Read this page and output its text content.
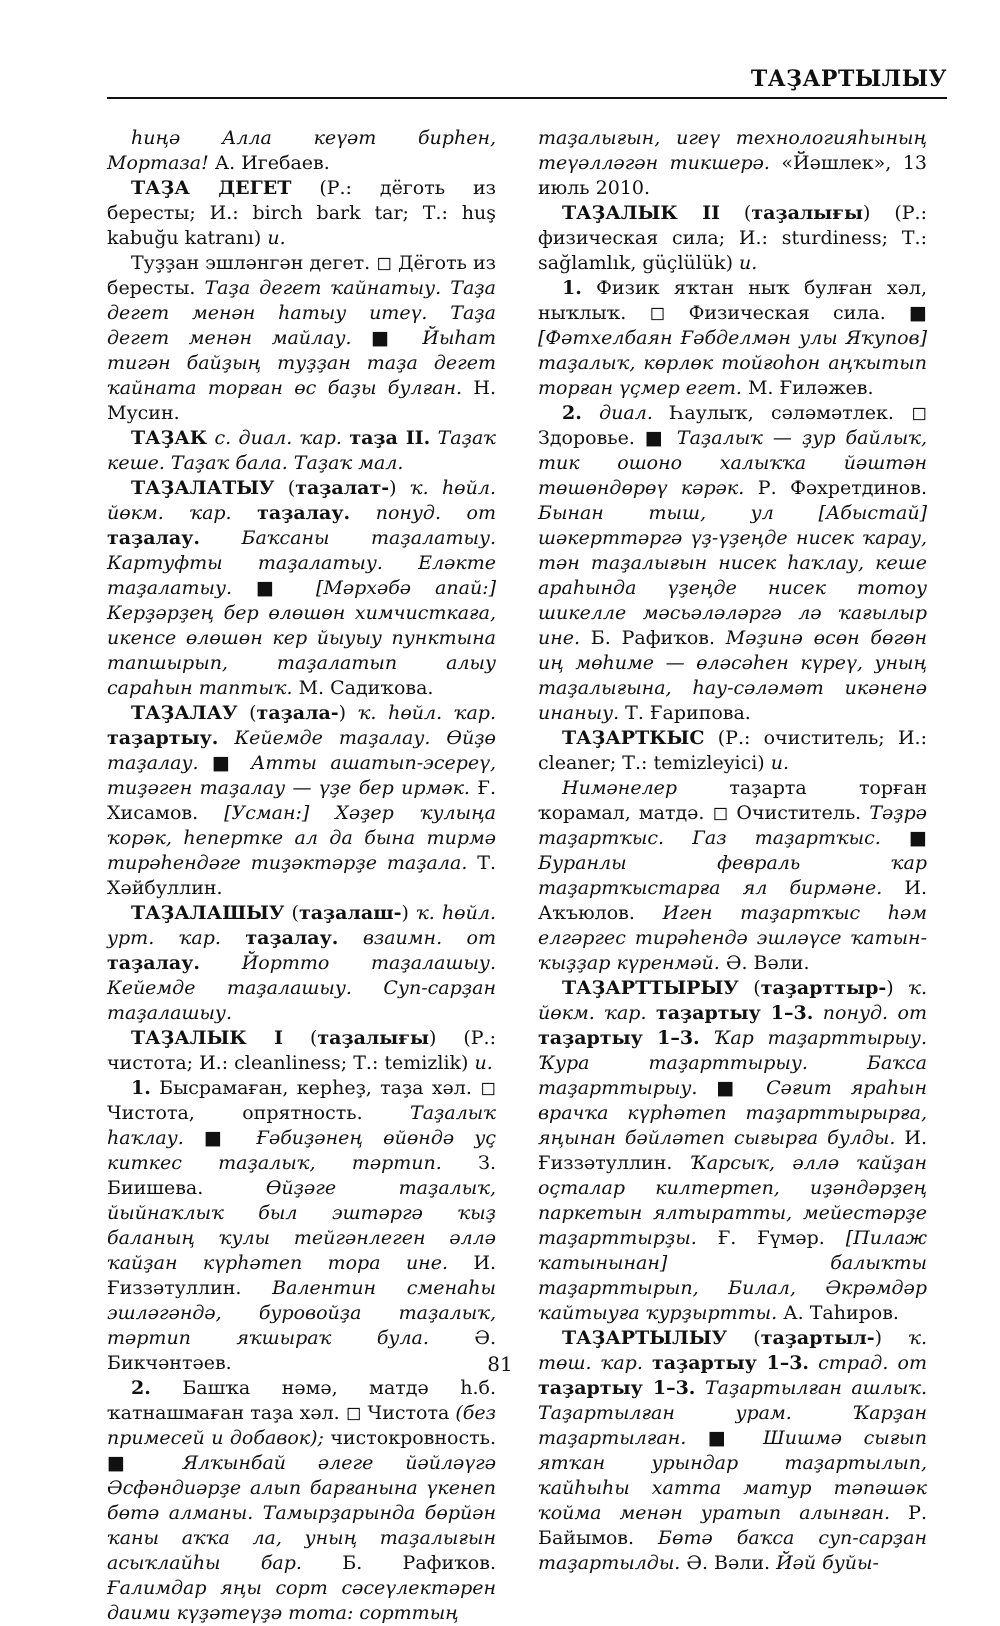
ТАҘАРТЫЛЫУ

һиңә Алла кеүәт бирһен, Мортаза! А. Игебаев.

ТАҘА ДЕГЕТ (Р.: дёготь из бересты; И.: birch bark tar; Т.: huş kabuğu katranı) и.

Туҙҙан эшләнгән дегет. ◻ Дёготь из бересты. Таҙа дегет ҡайнатыу. Таҙа дегет менән һатыу итеү. Таҙа дегет менән майлау. ■ Йыһат тигән байҙың туҙҙан таҙа дегет ҡайната торған өс баҙы булған. Н. Мусин.

ТАҘАК с. диал. ҡар. таҙа II. Таҙаҡ кеше. Таҙаҡ бала. Таҙаҡ мал.

ТАҘАЛАТЫУ (таҙалат-) ҡ. һөйл. йөкм. ҡар. таҙалау. понуд. от таҙалау. Баҡсаны таҙалатыу. Картуфты таҙалатыу. Еләкте таҙалатыу. ■ [Мәрхәбә апай:] Керҙәрҙең бер өлөшөн химчисткаға, икенсе өлөшөн кер йыуыу пунктына тапшырып, таҙалатып алыу сараһын таптыҡ. М. Садиҡова.

ТАҘАЛАУ (таҙала-) ҡ. һөйл. ҡар. таҙартыу. Кейемде таҙалау. Өйҙө таҙалау. ■ Атты ашатып-эсереү, тиҙәген таҙалау — үҙе бер ирмәк. Ғ. Хисамов. [Усман:] Хәҙер ҡулыңа ҡорәк, һепертке ал да бына тирмә тирәһендәге тиҙәктәрҙе таҙала. Т. Хәйбуллин.

ТАҘАЛАШЫУ (таҙалаш-) ҡ. һөйл. урт. ҡар. таҙалау. взаимн. от таҙалау. Йортто таҙалашыу. Кейемде таҙалашыу. Суп-сарҙан таҙалашыу.

ТАҘАЛЫК I (таҙалығы) (Р.: чистота; И.: cleanliness; Т.: temizlik) и.

1. Бысрамаған, керһеҙ, таҙа хәл. ◻ Чистота, опрятность. Таҙалыҡ һаҡлау. ■ Ғәбиҙәнең өйөндә уҫ киткес таҙалыҡ, тәртип. З. Биишева. Өйҙәге таҙалыҡ, йыйнаҡлыҡ был эштәргә ҡыҙ баланың ҡулы тейгәнлеген әллә ҡайҙан күрһәтеп тора ине. И. Ғиззәтуллин. Валентин сменаһы эшләгәндә, буровойҙа таҙалыҡ, тәртип яҡшыраҡ була. Ә. Бикчәнтәев.

2. Башҡа нәмә, матдә һ.б. ҡатнашмаған таҙа хәл. ◻ Чистота (без примесей и добавок); чистокровность. ■ Ялҡынбай әлеге йәйләүгә Әсфәндиәрҙе алып барғанына үкенеп бөтә алманы. Тамырҙарында бөрйән ҡаны аҡҡа ла, уның таҙалығын асыҡлайһы бар. Б. Рафиҡов. Ғалимдар яңы сорт сәсеүлектәрен даими күҙәтеүҙә тота: сорттың

таҙалығын, игеү технологияһының теүәлләгән тикшерә. «Йәшлек», 13 июль 2010.

ТАҘАЛЫК II (таҙалығы) (Р.: физическая сила; И.: sturdiness; Т.: sağlamlık, güçlülük) и.

1. Физик яҡтан ныҡ булған хәл, ныҡлыҡ. ◻ Физическая сила. ■ [Фәтхелбаян Ғәбделмән улы Яҡупов] таҙалыҡ, көрлөк тойғоһон аңҡытып торған үҫмер егет. М. Ғиләжев.

2. диал. Һаулыҡ, сәләмәтлек. ◻ Здоровье. ■ Таҙалыҡ — ҙур байлыҡ, тик ошоно халыҡҡа йәштән төшөндөрөү кәрәк. Р. Фәхретдинов. Бынан тыш, ул [Абыстай] шәкерттәргә үҙ-үҙеңде нисек ҡарау, тән таҙалығын нисек һаҡлау, кеше араһында үҙеңде нисек тотоу шикелле мәсьәләләргә лә ҡағылыр ине. Б. Рафиҡов. Мәҙинә өсөн бөгөн иң мөһиме — өләсәһен күреү, уның таҙалығына, һау-сәләмәт икәненә инаныу. Т. Ғарипова.

ТАҘАРТКЫС (Р.: очиститель; И.: cleaner; Т.: temizleyici) и.

Нимәнелер таҙарта торған ҡорамал, матдә. ◻ Очиститель. Тәҙрә таҙартҡыс. Газ таҙартҡыс. ■ Буранлы февраль ҡар таҙартҡыстарға ял бирмәне. И. Аҡъюлов. Иген таҙартҡыс һәм елгәргес тирәһендә эшләүсе ҡатын-ҡыҙҙар күренмәй. Ә. Вәли.

ТАҘАРТТЫРЫУ (таҙарттыр-) ҡ. йөкм. ҡар. таҙартыу 1–3. понуд. от таҙартыу 1–3. Ҡар таҙарттырыу. Ҡура таҙарттырыу. Баҡса таҙарттырыу. ■ Сәғит яраһын врачҡа күрһәтеп таҙарттырырға, яңынан бәйләтеп сығырға булды. И. Ғиззәтуллин. Ҡарсыҡ, әллә ҡайҙан оҫталар килтертеп, иҙәндәрҙең паркетын ялтыратты, мейестәрҙе таҙарттырҙы. Ғ. Ғүмәр. [Пилаж ҡатынынан] балыҡты таҙарттырып, Билал, Әкрәмдәр ҡайтыуға ҡурҙыртты. А. Таһиров.

ТАҘАРТЫЛЫУ (таҙартыл-) ҡ. төш. ҡар. таҙартыу 1–3. страд. от таҙартыу 1–3. Таҙартылған ашлыҡ. Таҙартылған урам. Ҡарҙан таҙартылған. ■ Шишмә сығып ятҡан урындар таҙартылып, ҡайһыһы хатта матур тәпәшәк ҡойма менән уратып алынған. Р. Байымов. Бөтә баҡса суп-сарҙан таҙартылды. Ә. Вәли. Йәй буйы-

81
